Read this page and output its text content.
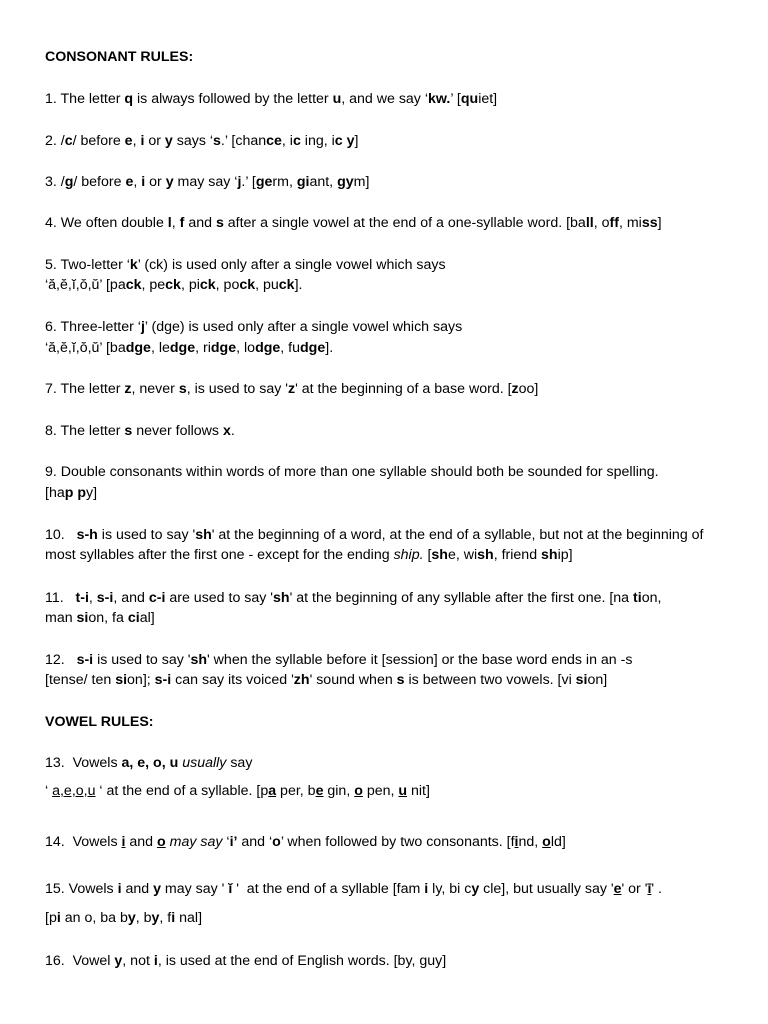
CONSONANT RULES:
1. The letter q is always followed by the letter u, and we say ‘kw.’ [quiet]
2. /c/ before e, i or y says ‘s.’ [chance, ic ing, ic y]
3. /g/ before e, i or y may say ‘j.’ [germ, giant, gym]
4. We often double l, f and s after a single vowel at the end of a one-syllable word. [ball, off, miss]
5. Two-letter ‘k’ (ck) is used only after a single vowel which says
‘ă,ĕ,ĭ,ŏ,ŭ’ [pack, peck, pick, pock, puck].
6. Three-letter ‘j’ (dge) is used only after a single vowel which says
‘ă,ĕ,ĭ,ŏ,ŭ’ [badge, ledge, ridge, lodge, fudge].
7. The letter z, never s, is used to say 'z' at the beginning of a base word. [zoo]
8. The letter s never follows x.
9. Double consonants within words of more than one syllable should both be sounded for spelling.
[hap py]
10.   s-h is used to say 'sh' at the beginning of a word, at the end of a syllable, but not at the beginning of
most syllables after the first one - except for the ending ship. [she, wish, friend ship]
11.   t-i, s-i, and c-i are used to say 'sh' at the beginning of any syllable after the first one. [na tion,
man sion, fa cial]
12.   s-i is used to say 'sh' when the syllable before it [session] or the base word ends in an -s
[tense/ ten sion]; s-i can say its voiced 'zh' sound when s is between two vowels. [vi sion]
VOWEL RULES:
13.  Vowels a, e, o, u usually say
‘ a,e,o,u ‘ at the end of a syllable. [pa per, be gin, o pen, u nit]
14.  Vowels i and o may say ‘i’ and ‘o’ when followed by two consonants. [find, old]
15. Vowels i and y may say ' ĭ '  at the end of a syllable [fam i ly, bi cy cle], but usually say 'e' or 'ī' .
[pi an o, ba by, by, fi nal]
16.  Vowel y, not i, is used at the end of English words. [by, guy]
